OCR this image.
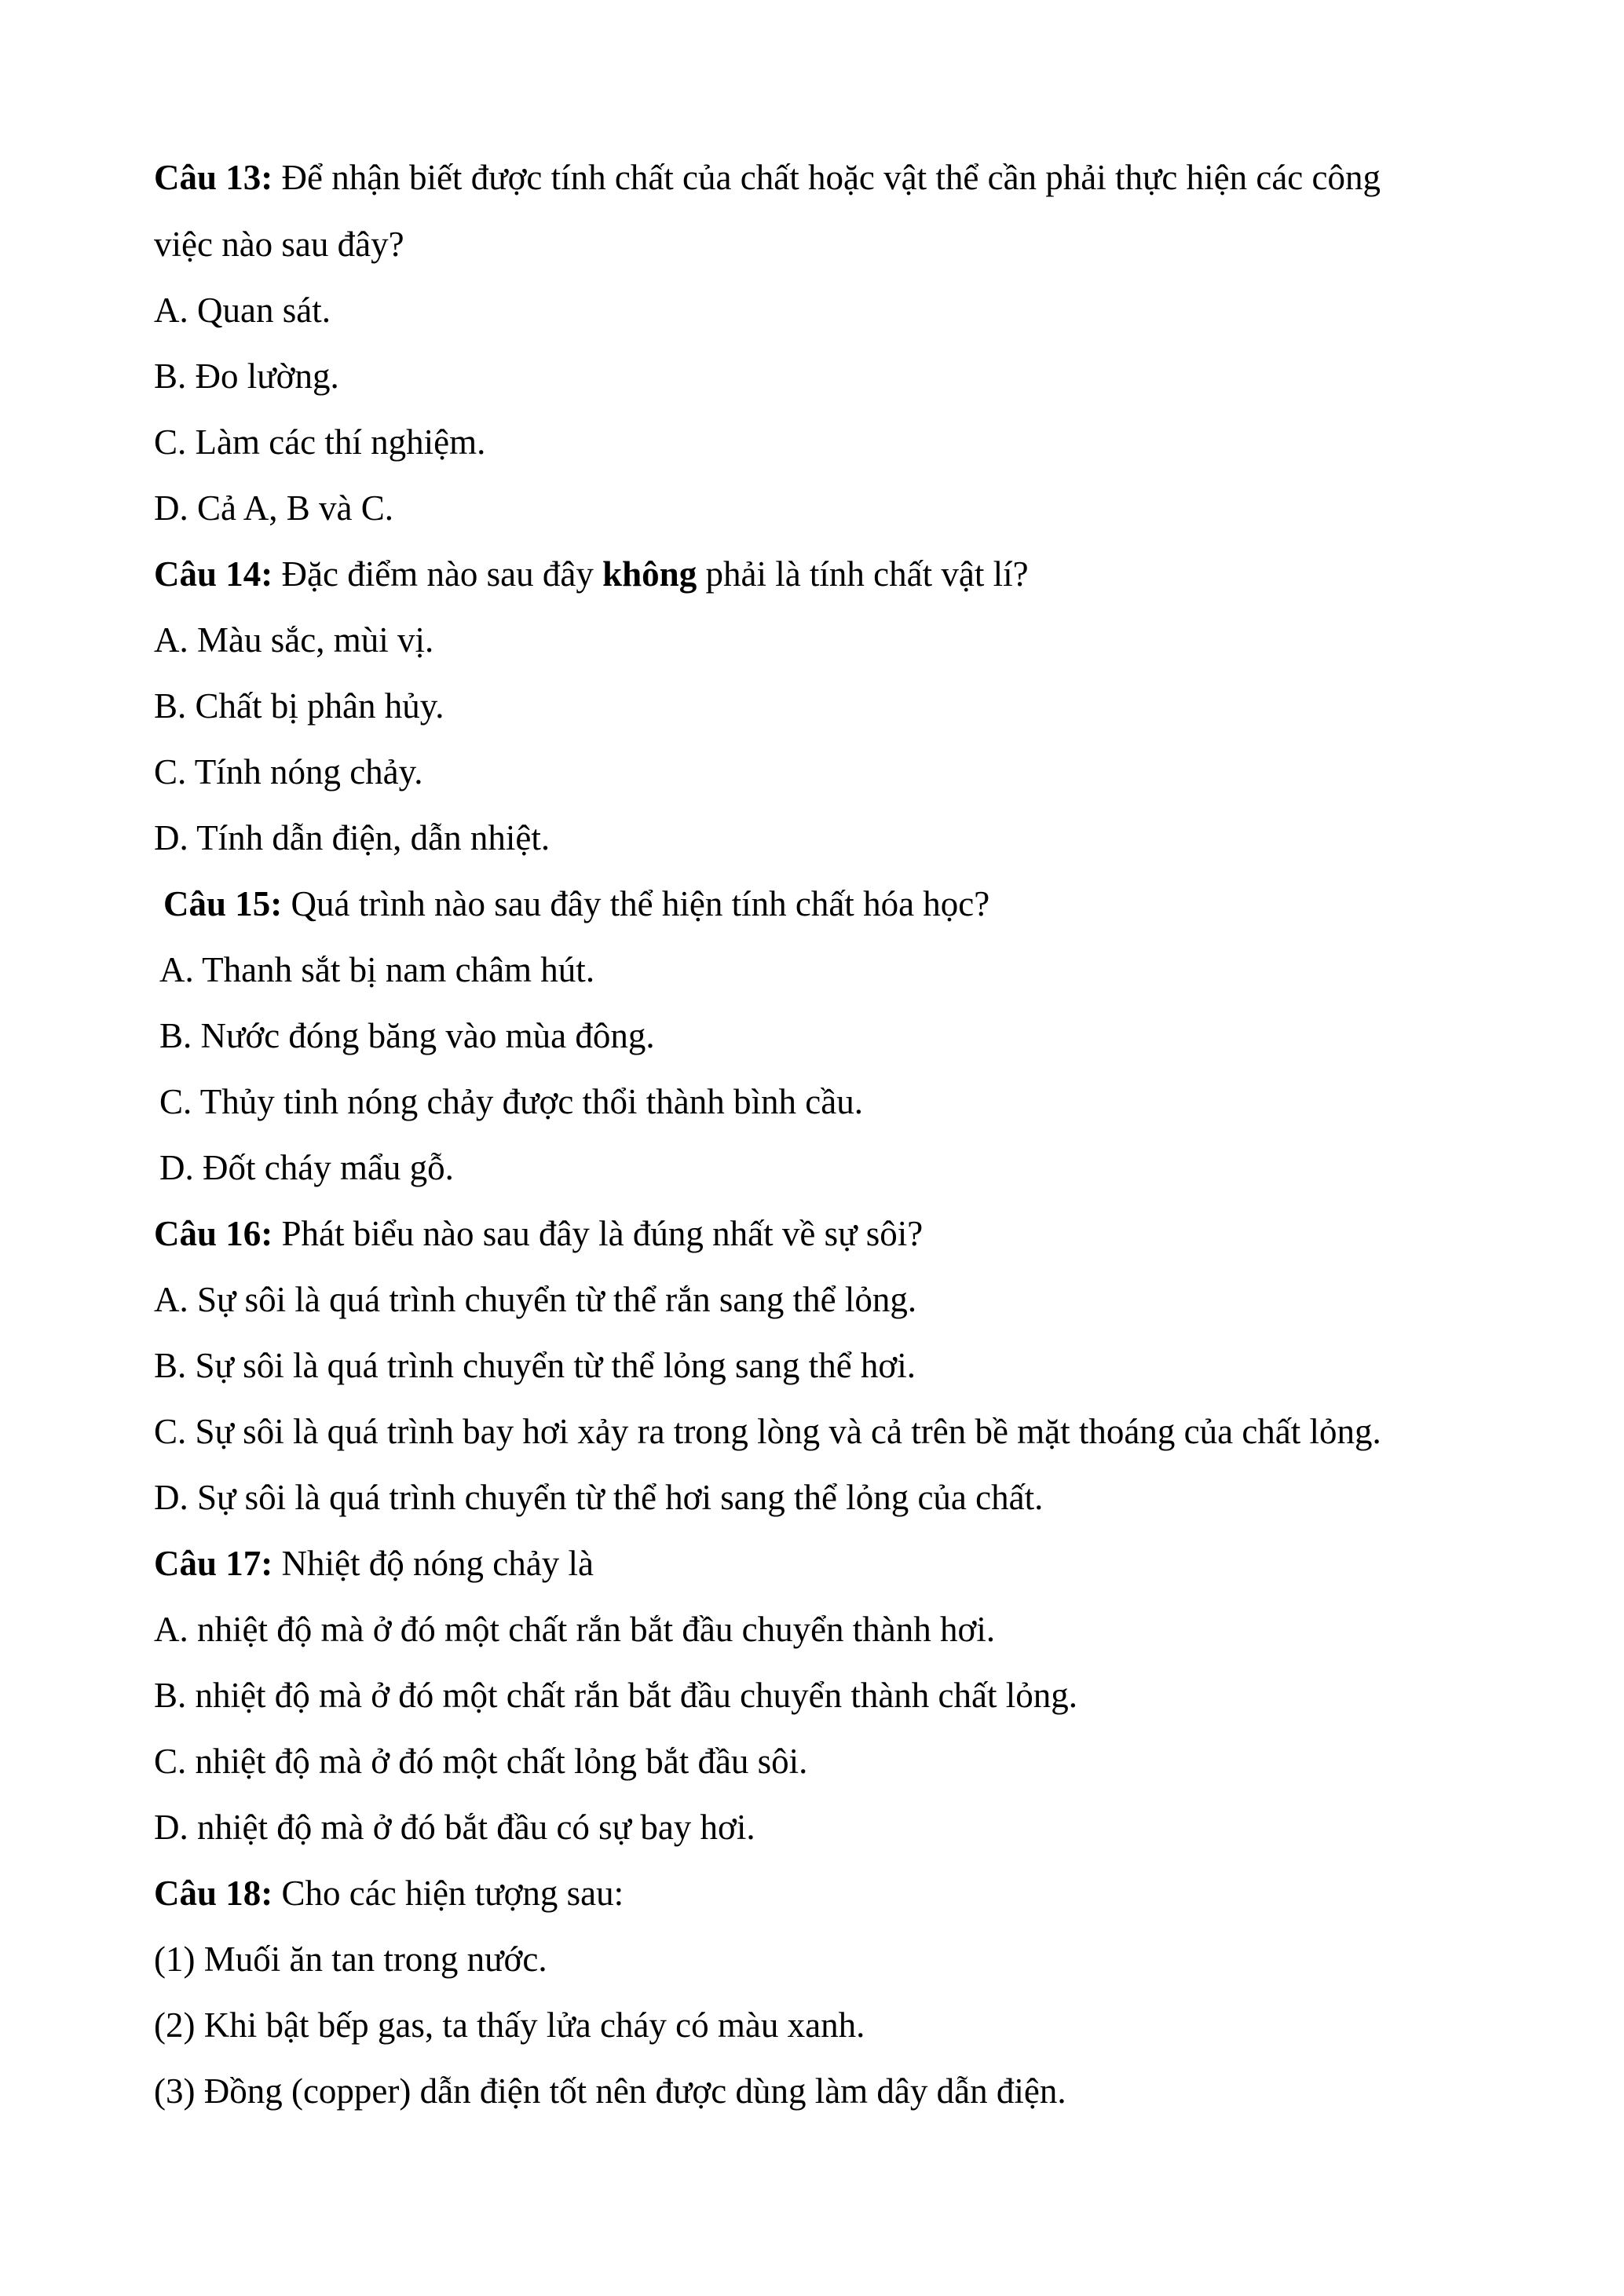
Câu 13: Để nhận biết được tính chất của chất hoặc vật thể cần phải thực hiện các công
việc nào sau đây?
A. Quan sát.
B. Đo lường.
C. Làm các thí nghiệm.
D. Cả A, B và C.
Câu 14: Đặc điểm nào sau đây không phải là tính chất vật lí?
A. Màu sắc, mùi vị.
B. Chất bị phân hủy.
C. Tính nóng chảy.
D. Tính dẫn điện, dẫn nhiệt.
Câu 15: Quá trình nào sau đây thể hiện tính chất hóa học?
A. Thanh sắt bị nam châm hút.
B. Nước đóng băng vào mùa đông.
C. Thủy tinh nóng chảy được thổi thành bình cầu.
D. Đốt cháy mẩu gỗ.
Câu 16: Phát biểu nào sau đây là đúng nhất về sự sôi?
A. Sự sôi là quá trình chuyển từ thể rắn sang thể lỏng.
B. Sự sôi là quá trình chuyển từ thể lỏng sang thể hơi.
C. Sự sôi là quá trình bay hơi xảy ra trong lòng và cả trên bề mặt thoáng của chất lỏng.
D. Sự sôi là quá trình chuyển từ thể hơi sang thể lỏng của chất.
Câu 17: Nhiệt độ nóng chảy là
A. nhiệt độ mà ở đó một chất rắn bắt đầu chuyển thành hơi.
B. nhiệt độ mà ở đó một chất rắn bắt đầu chuyển thành chất lỏng.
C. nhiệt độ mà ở đó một chất lỏng bắt đầu sôi.
D. nhiệt độ mà ở đó bắt đầu có sự bay hơi.
Câu 18: Cho các hiện tượng sau:
(1) Muối ăn tan trong nước.
(2) Khi bật bếp gas, ta thấy lửa cháy có màu xanh.
(3) Đồng (copper) dẫn điện tốt nên được dùng làm dây dẫn điện.
